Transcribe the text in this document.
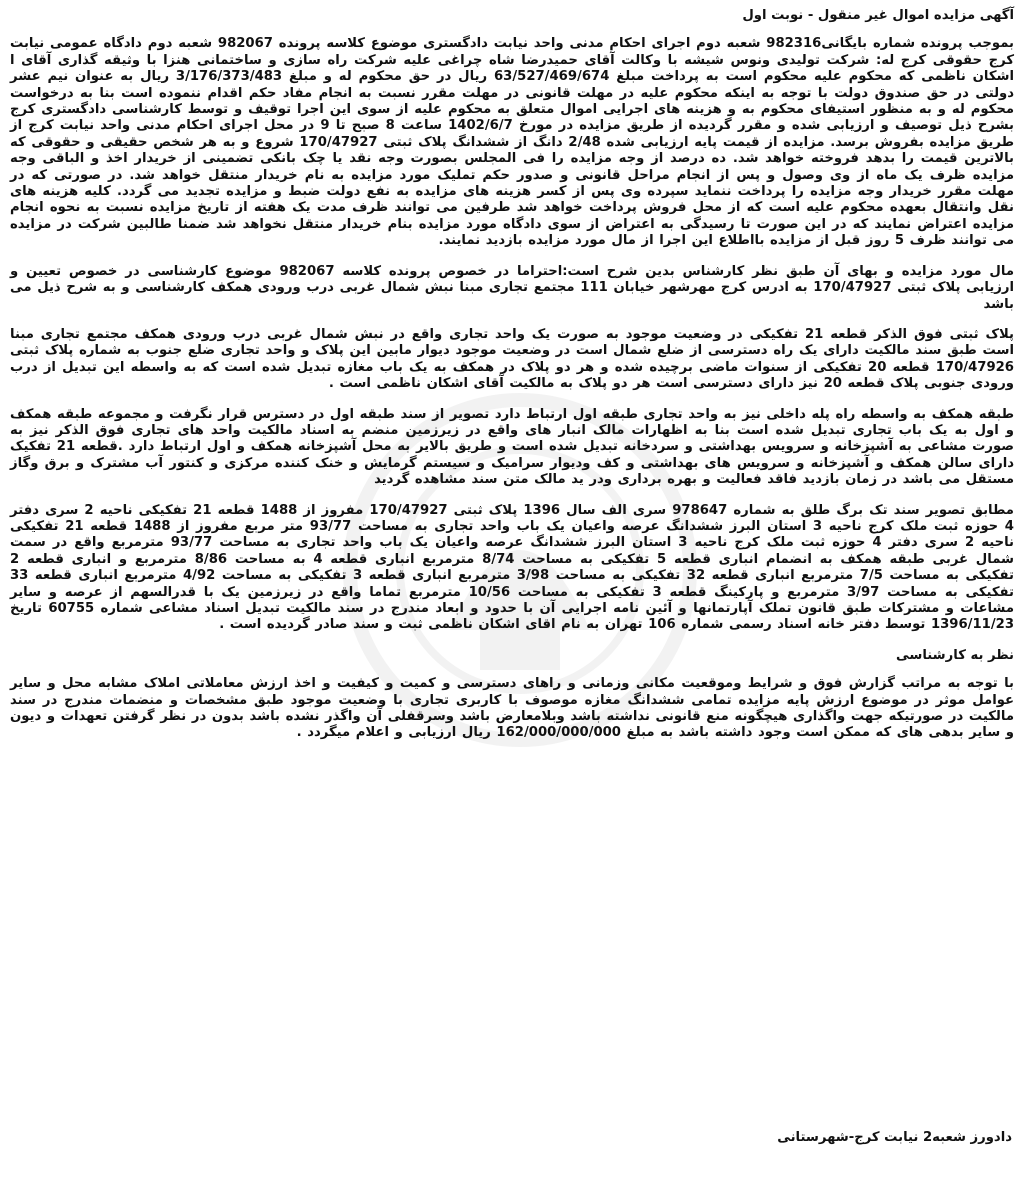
آگهی مزایده اموال غیر منقول - نوبت اول

بموجب پرونده شماره بایگانی982316 شعبه دوم اجرای احکام مدنی واحد نیابت دادگستری موضوع کلاسه پرونده 982067 شعبه دوم دادگاه عمومی نیابت کرج حقوقی کرج له: شرکت تولیدی ونوس شیشه با وکالت آقای حمیدرضا شاه چراغی علیه شرکت راه سازی و ساختمانی هنزا با وثیقه گذاری آقای ا اشکان ناظمی که محکوم علیه محکوم است به پرداخت مبلغ 63/527/469/674 ریال در حق محکوم له و مبلغ 3/176/373/483 ریال به عنوان نیم عشر دولتی در حق صندوق دولت با توجه به اینکه محکوم علیه در مهلت قانونی در مهلت مقرر نسبت به انجام مفاد حکم اقدام ننموده است بنا به درخواست محکوم له و به منظور استیفای محکوم به و هزینه های اجرایی اموال متعلق به محکوم علیه از سوی این اجرا توقیف و توسط کارشناسی دادگستری کرج بشرح ذیل توصیف و ارزیابی شده و مقرر گردیده از طریق مزایده در مورخ 1402/6/7 ساعت 8 صبح تا 9 در محل اجرای احکام مدنی واحد نیابت کرج از طریق مزایده بفروش برسد. مزایده از قیمت پایه ارزیابی شده 2/48 دانگ از ششدانگ پلاک ثبتی 170/47927 شروع و به هر شخص حقیقی و حقوقی که بالاترین قیمت را بدهد فروخته خواهد شد. ده درصد از وجه مزایده را فی المجلس بصورت وجه نقد یا چک بانکی تضمینی از خریدار اخذ و الباقی وجه مزایده ظرف یک ماه از وی وصول و پس از انجام مراحل قانونی و صدور حکم تملیک مورد مزایده به نام خریدار منتقل خواهد شد. در صورتی که در مهلت مقرر خریدار وجه مزایده را پرداخت ننماید سپرده وی پس از کسر هزینه های مزایده به نفع دولت ضبط و مزایده تجدید می گردد. کلیه هزینه های نقل وانتقال بعهده محکوم علیه است که از محل فروش پرداخت خواهد شد طرفین می توانند ظرف مدت یک هفته از تاریخ مزایده نسبت به نحوه انجام مزایده اعتراض نمایند که در این صورت تا رسیدگی به اعتراض از سوی دادگاه مورد مزایده بنام خریدار منتقل نخواهد شد ضمنا طالبین شرکت در مزایده می توانند ظرف 5 روز قبل از مزایده بااطلاع این اجرا از مال مورد مزایده بازدید نمایند.

مال مورد مزایده و بهای آن طبق نظر کارشناس بدین شرح است:احتراما در خصوص پرونده کلاسه 982067 موضوع کارشناسی در خصوص تعیین و ارزیابی پلاک ثبتی 170/47927 به ادرس کرج مهرشهر خیابان 111 مجتمع تجاری مبنا نبش شمال غربی درب ورودی همکف کارشناسی و به شرح ذیل می باشد

پلاک ثبتی فوق الذکر قطعه 21 تفکیکی در وضعیت موجود به صورت یک واحد تجاری واقع در نبش شمال غربی درب ورودی همکف مجتمع تجاری مبنا است طبق سند مالکیت دارای یک راه دسترسی از ضلع شمال است در وضعیت موجود دیوار مابین این پلاک و واحد تجاری ضلع جنوب به شماره پلاک ثبتی 170/47926 قطعه 20 تفکیکی از سنوات ماضی برچیده شده و هر دو پلاک در همکف به یک باب مغازه تبدیل شده است که به واسطه این تبدیل از درب ورودی جنوبی پلاک قطعه 20 نیز دارای دسترسی است هر دو پلاک به مالکیت آقای اشکان ناظمی است .

طبقه همکف به واسطه راه پله داخلی نیز به واحد تجاری طبقه اول ارتباط دارد تصویر از سند طبقه اول در دسترس قرار نگرفت و مجموعه طبقه همکف و اول به یک باب تجاری تبدیل شده است بنا به اظهارات مالک انبار های واقع در زیرزمین منضم به اسناد مالکیت واحد های تجاری فوق الذکر نیز به صورت مشاعی به آشپزخانه و سرویس بهداشتی و سردخانه تبدیل شده است و طریق بالایر به محل آشپزخانه همکف و اول ارتباط دارد .قطعه 21 تفکیک دارای سالن همکف و آشپزخانه و سرویس های بهداشتی و کف ودیوار سرامیک و سیستم گرمایش و خنک کننده مرکزی و کنتور آب مشترک و برق وگاز مستقل می باشد در زمان بازدید فاقد فعالیت و بهره برداری ودر ید مالک متن سند مشاهده گردید

مطابق تصویر سند تک برگ طلق به شماره 978647 سری الف سال 1396 پلاک ثبتی 170/47927 مفروز از 1488 قطعه 21 تفکیکی ناحیه 2 سری دفتر 4 حوزه ثبت ملک کرج ناحیه 3 استان البرز ششدانگ عرصه واعیان یک باب واحد تجاری به مساحت 93/77 متر مربع مفروز از 1488 قطعه 21 تفکیکی ناحیه 2 سری دفتر 4 حوزه ثبت ملک کرج ناحیه 3 استان البرز ششدانگ عرصه واعیان یک باب واحد تجاری به مساحت 93/77 مترمربع واقع در سمت شمال غربی طبقه همکف به انضمام انباری قطعه 5 تفکیکی به مساحت 8/74 مترمربع انباری قطعه 4 به مساحت 8/86 مترمربع و انباری قطعه 2 تفکیکی به مساحت 7/5 مترمربع انباری قطعه 32 تفکیکی به مساحت 3/98 مترمربع انباری قطعه 3 تفکیکی به مساحت 4/92 مترمربع انباری قطعه 33 تفکیکی به مساحت 3/97 مترمربع و پارکینگ قطعه 3 تفکیکی به مساحت 10/56 مترمربع تماما واقع در زیرزمین یک با قدرالسهم از عرصه و سایر مشاعات و مشترکات طبق قانون تملک آپارتمانها و آئین نامه اجرایی آن با حدود و ابعاد مندرج در سند مالکیت تبدیل اسناد مشاعی شماره 60755 تاریخ 1396/11/23 توسط دفتر خانه اسناد رسمی شماره 106 تهران به نام اقای اشکان ناظمی ثبت و سند صادر گردیده است .

نظر به کارشناسی

با توجه به مراتب گزارش فوق و شرایط وموقعیت مکانی وزمانی و راهای دسترسی و کمیت و کیفیت و اخذ ارزش معاملاتی املاک مشابه محل و سایر عوامل موثر در موضوع ارزش پایه مزایده تمامی ششدانگ مغازه موصوف با کاربری تجاری با وضعیت موجود طبق مشخصات و منضمات مندرج در سند مالکیت در صورتیکه جهت واگذاری هیچگونه منع قانونی نداشته باشد وبلامعارض باشد وسرقفلی آن واگذر نشده باشد بدون در نظر گرفتن تعهدات و دیون و سایر بدهی های که ممکن است وجود داشته باشد به مبلغ 162/000/000/000 ریال ارزیابی و اعلام میگردد .

دادورز شعبه2 نیابت کرج-شهرستانی
